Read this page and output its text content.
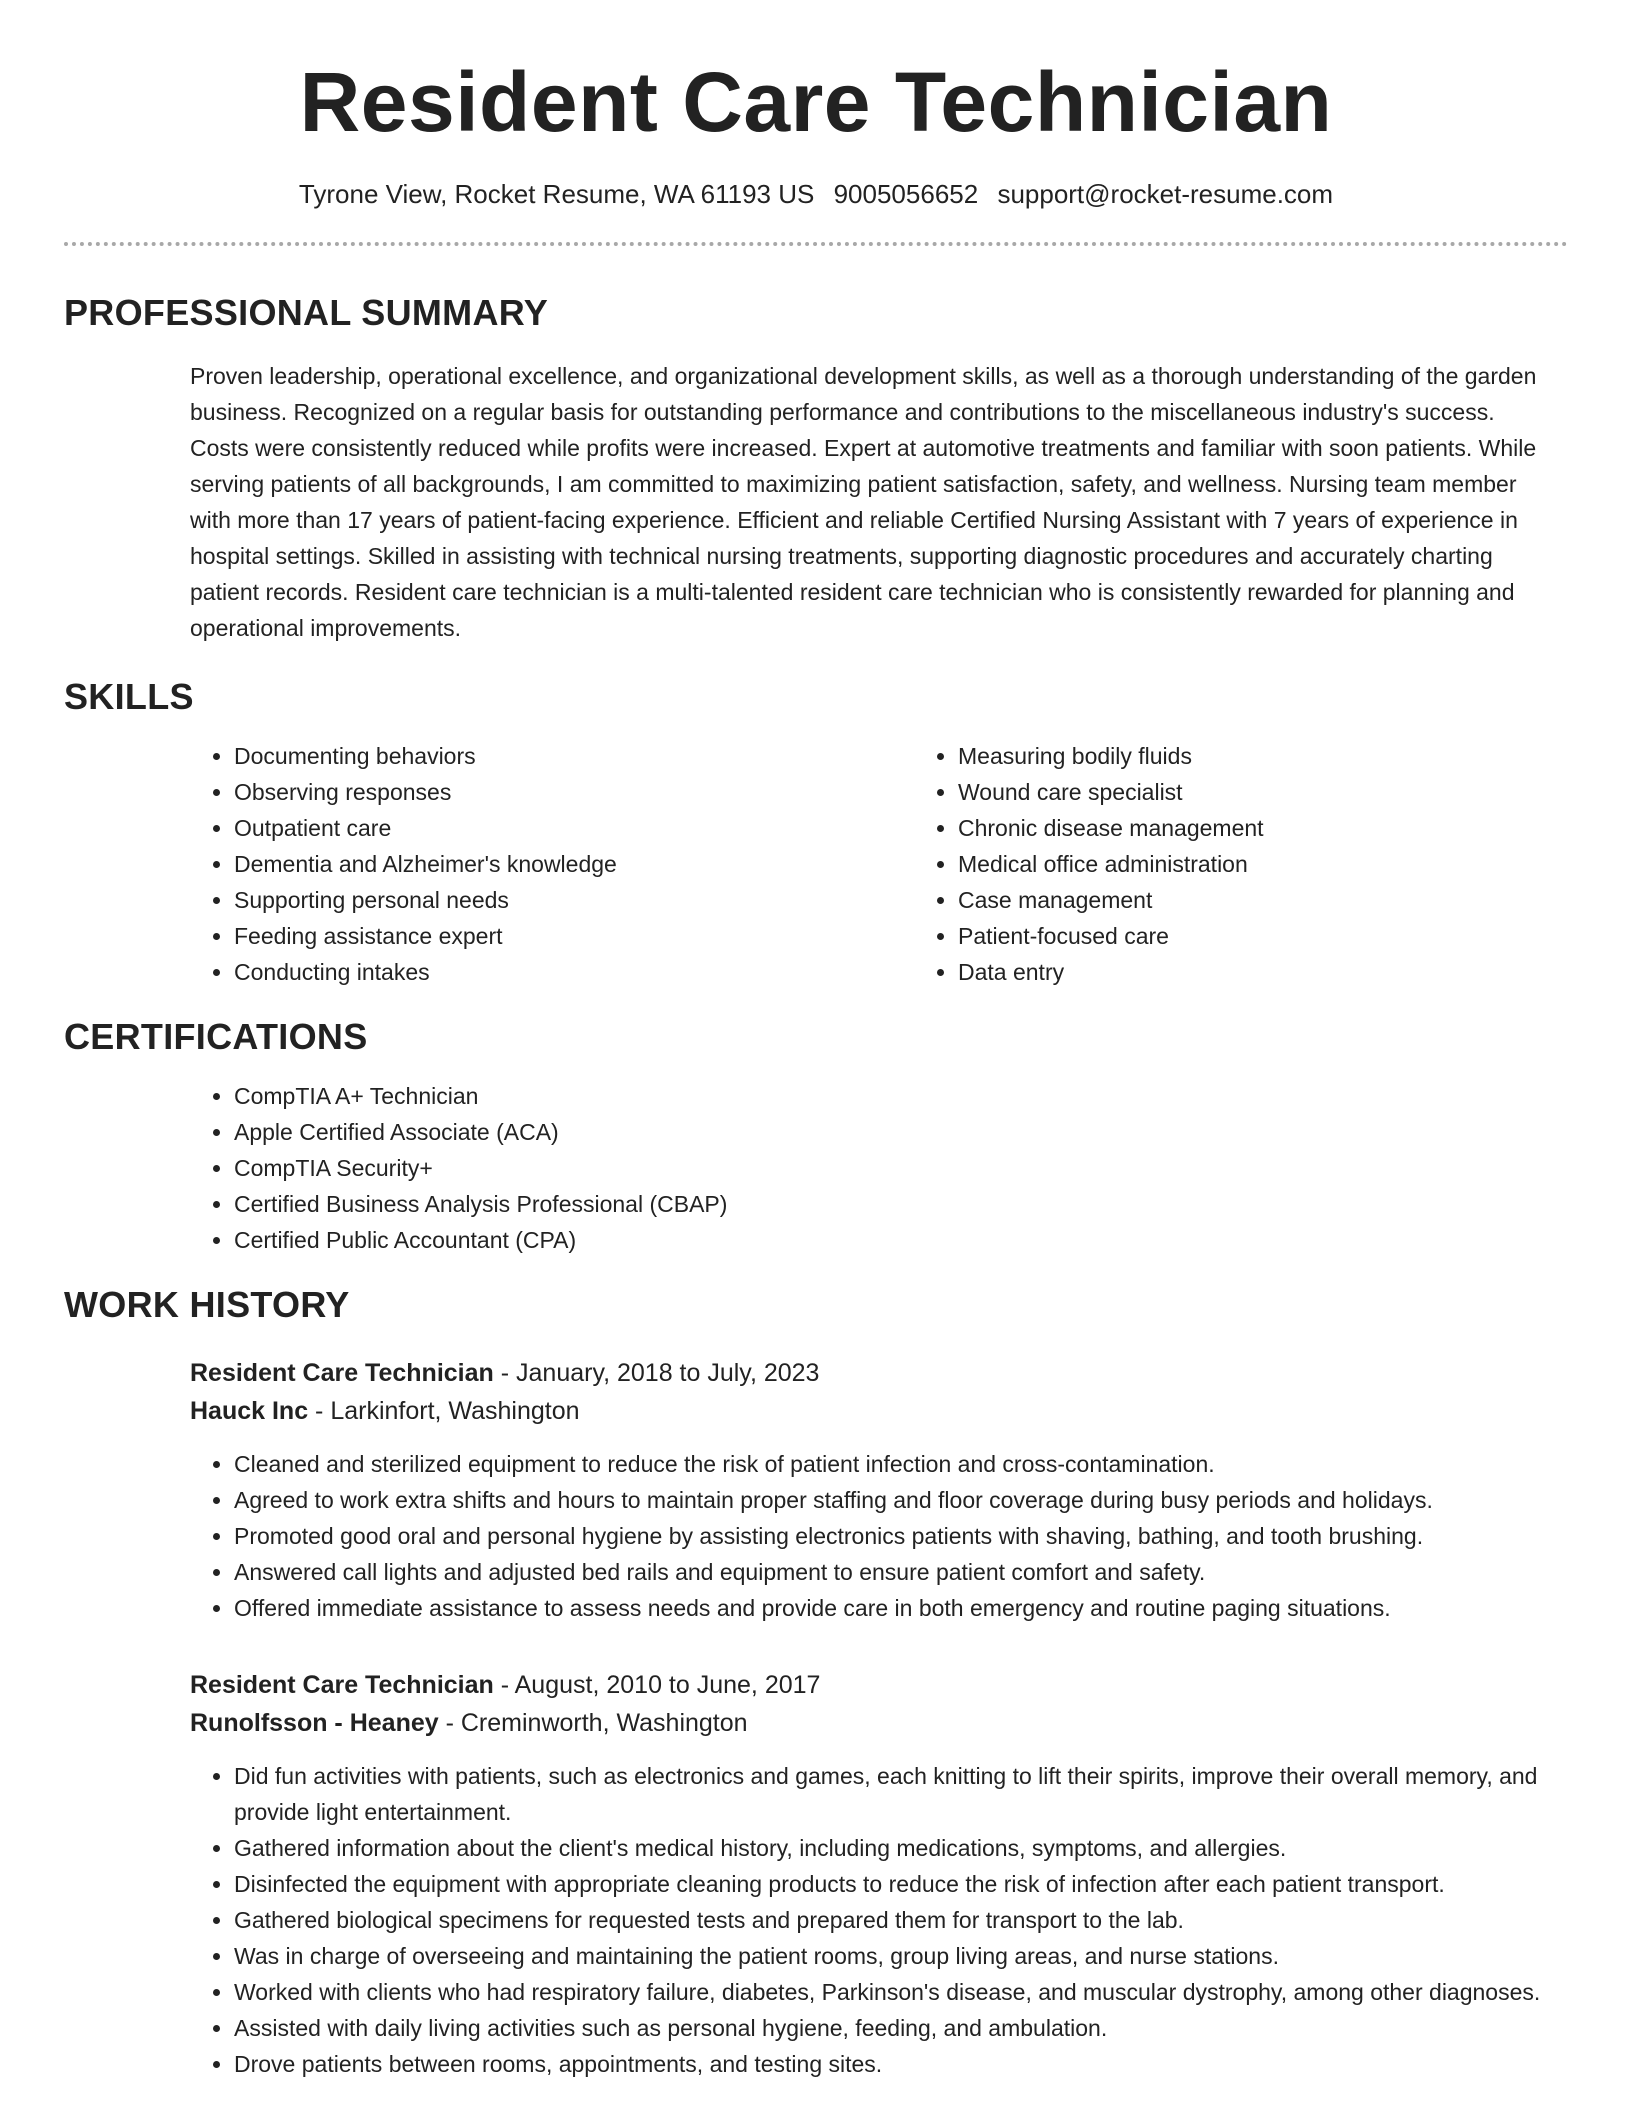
Resident Care Technician
Tyrone View, Rocket Resume, WA 61193 US 9005056652 support@rocket-resume.com
PROFESSIONAL SUMMARY

Proven leadership, operational excellence, and organizational development skills, as well as a thorough understanding of the garden business. Recognized on a regular basis for outstanding performance and contributions to the miscellaneous industry's success. Costs were consistently reduced while profits were increased. Expert at automotive treatments and familiar with soon patients. While serving patients of all backgrounds, I am committed to maximizing patient satisfaction, safety, and wellness. Nursing team member with more than 17 years of patient-facing experience. Efficient and reliable Certified Nursing Assistant with 7 years of experience in hospital settings. Skilled in assisting with technical nursing treatments, supporting diagnostic procedures and accurately charting patient records. Resident care technician is a multi-talented resident care technician who is consistently rewarded for planning and operational improvements.

SKILLS
• Documenting behaviors
• Observing responses
• Outpatient care
• Dementia and Alzheimer's knowledge
• Supporting personal needs
• Feeding assistance expert
• Conducting intakes
• Measuring bodily fluids
• Wound care specialist
• Chronic disease management
• Medical office administration
• Case management
• Patient-focused care
• Data entry
CERTIFICATIONS
• CompTIA A+ Technician
• Apple Certified Associate (ACA)
• CompTIA Security+
• Certified Business Analysis Professional (CBAP)
• Certified Public Accountant (CPA)
WORK HISTORY
Resident Care Technician - January, 2018 to July, 2023
Hauck Inc - Larkinfort, Washington
• Cleaned and sterilized equipment to reduce the risk of patient infection and cross-contamination.
• Agreed to work extra shifts and hours to maintain proper staffing and floor coverage during busy periods and holidays.
• Promoted good oral and personal hygiene by assisting electronics patients with shaving, bathing, and tooth brushing.
• Answered call lights and adjusted bed rails and equipment to ensure patient comfort and safety.
• Offered immediate assistance to assess needs and provide care in both emergency and routine paging situations.
Resident Care Technician - August, 2010 to June, 2017
Runolfsson - Heaney - Creminworth, Washington
• Did fun activities with patients, such as electronics and games, each knitting to lift their spirits, improve their overall memory, and provide light entertainment.
• Gathered information about the client's medical history, including medications, symptoms, and allergies.
• Disinfected the equipment with appropriate cleaning products to reduce the risk of infection after each patient transport.
• Gathered biological specimens for requested tests and prepared them for transport to the lab.
• Was in charge of overseeing and maintaining the patient rooms, group living areas, and nurse stations.
• Worked with clients who had respiratory failure, diabetes, Parkinson's disease, and muscular dystrophy, among other diagnoses.
• Assisted with daily living activities such as personal hygiene, feeding, and ambulation.
• Drove patients between rooms, appointments, and testing sites.
